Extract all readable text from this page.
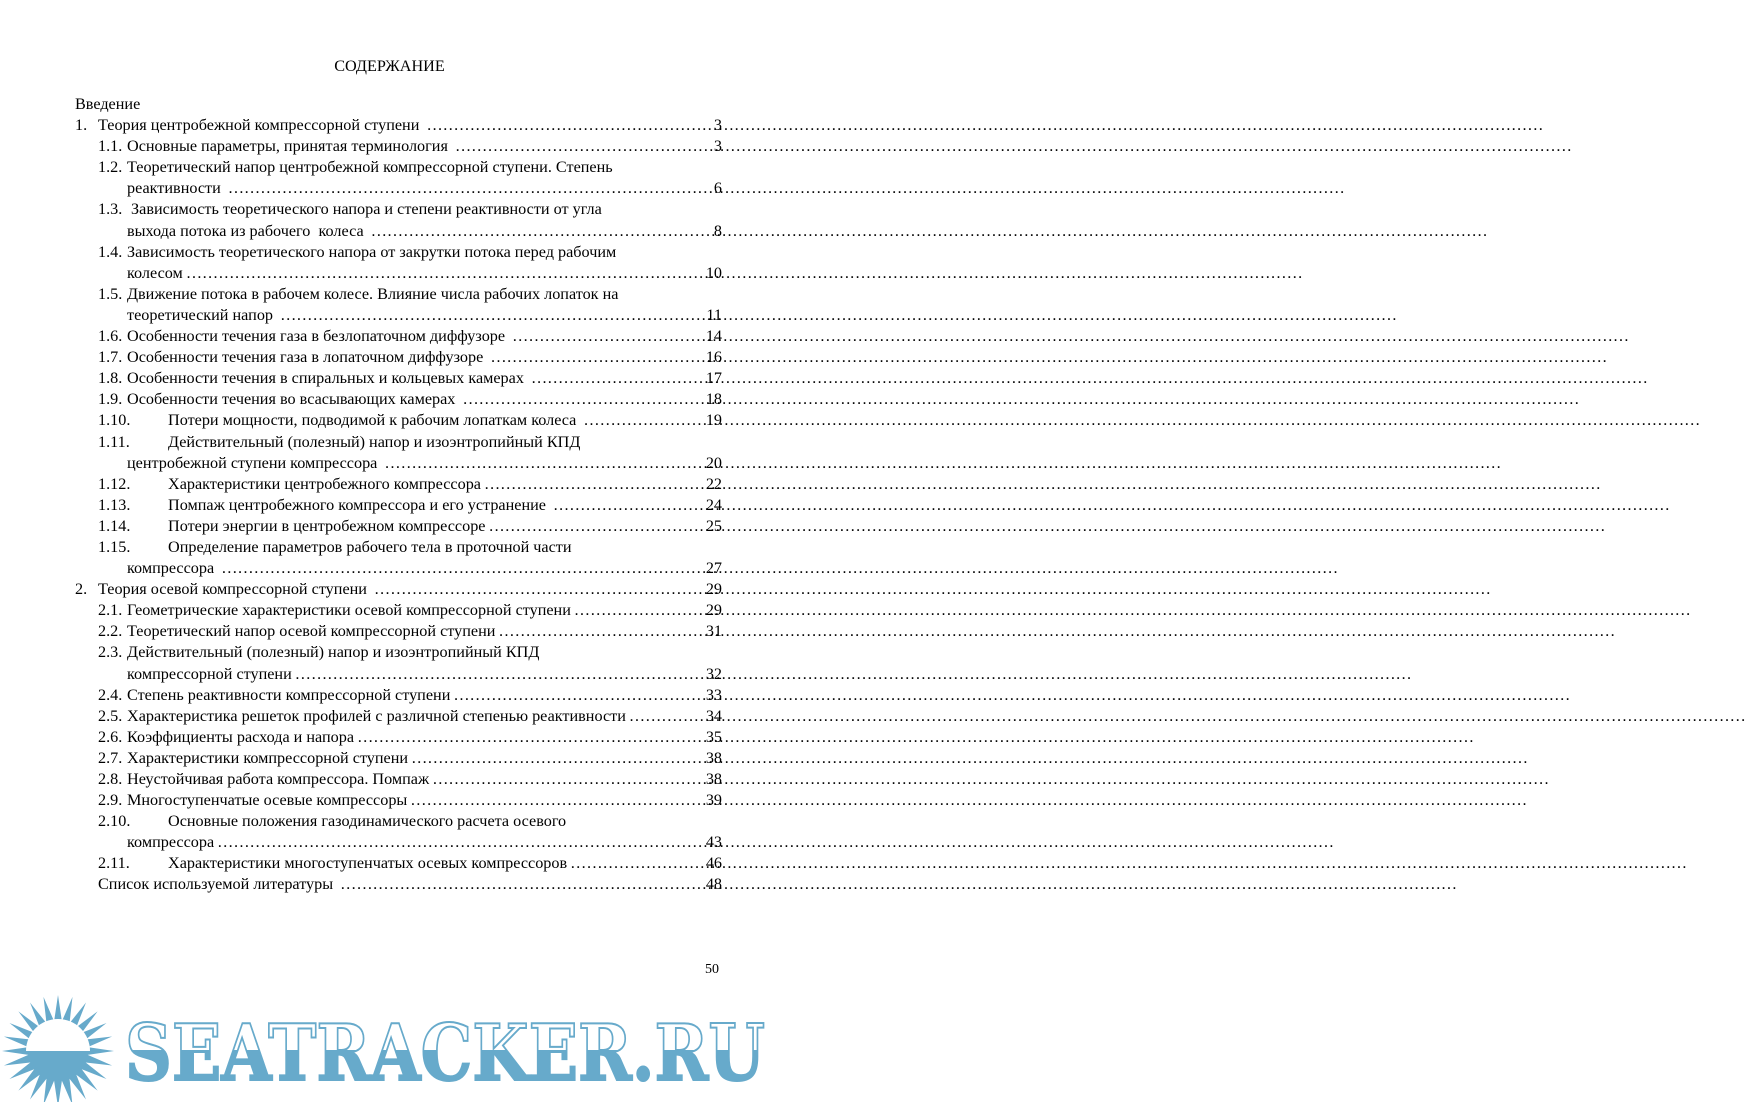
СОДЕРЖАНИЕ
Введение
1. Теория центробежной компрессорной ступени ………………………………………………………………………………………………………………………………………………………………………………………	3
1.1. Основные параметры, принятая терминология ………………………………………………………………………………………………………………………………………………………………………………………	3
1.2. Теоретический напор центробежной компрессорной ступени. Степень
реактивности ………………………………………………………………………………………………………………………………………………………………………………………	6
1.3. Зависимость теоретического напора и степени реактивности от угла
выхода потока из рабочего  колеса ………………………………………………………………………………………………………………………………………………………………………………………	8
1.4. Зависимость теоретического напора от закрутки потока перед рабочим
колесом ………………………………………………………………………………………………………………………………………………………………………………………	10
1.5. Движение потока в рабочем колесе. Влияние числа рабочих лопаток на
теоретический напор ………………………………………………………………………………………………………………………………………………………………………………………	11
1.6. Особенности течения газа в безлопаточном диффузоре ………………………………………………………………………………………………………………………………………………………………………………………	14
1.7. Особенности течения газа в лопаточном диффузоре ………………………………………………………………………………………………………………………………………………………………………………………	16
1.8. Особенности течения в спиральных и кольцевых камерах ………………………………………………………………………………………………………………………………………………………………………………………	17
1.9. Особенности течения во всасывающих камерах ………………………………………………………………………………………………………………………………………………………………………………………	18
1.10.	Потери мощности, подводимой к рабочим лопаткам колеса ………………………………………………………………………………………………………………………………………………………………………………………	19
1.11.	Действительный (полезный) напор и изоэнтропийный КПД
центробежной ступени компрессора ………………………………………………………………………………………………………………………………………………………………………………………	20
1.12.	Характеристики центробежного компрессора ………………………………………………………………………………………………………………………………………………………………………………………	22
1.13.	Помпаж центробежного компрессора и его устранение ………………………………………………………………………………………………………………………………………………………………………………………	24
1.14.	Потери энергии в центробежном компрессоре ………………………………………………………………………………………………………………………………………………………………………………………	25
1.15.	Определение параметров рабочего тела в проточной части
компрессора ………………………………………………………………………………………………………………………………………………………………………………………	27
2. Теория осевой компрессорной ступени ………………………………………………………………………………………………………………………………………………………………………………………	29
2.1. Геометрические характеристики осевой компрессорной ступени ………………………………………………………………………………………………………………………………………………………………………………………	29
2.2. Теоретический напор осевой компрессорной ступени ………………………………………………………………………………………………………………………………………………………………………………………	31
2.3. Действительный (полезный) напор и изоэнтропийный КПД
компрессорной ступени ………………………………………………………………………………………………………………………………………………………………………………………	32
2.4. Степень реактивности компрессорной ступени ………………………………………………………………………………………………………………………………………………………………………………………	33
2.5. Характеристика решеток профилей с различной степенью реактивности ………………………………………………………………………………………………………………………………………………………………………………………	34
2.6. Коэффициенты расхода и напора ………………………………………………………………………………………………………………………………………………………………………………………	35
2.7. Характеристики компрессорной ступени ………………………………………………………………………………………………………………………………………………………………………………………	38
2.8. Неустойчивая работа компрессора. Помпаж ………………………………………………………………………………………………………………………………………………………………………………………	38
2.9. Многоступенчатые осевые компрессоры ………………………………………………………………………………………………………………………………………………………………………………………	39
2.10.	Основные положения газодинамического расчета осевого
компрессора ………………………………………………………………………………………………………………………………………………………………………………………	43
2.11.	Характеристики многоступенчатых осевых компрессоров ………………………………………………………………………………………………………………………………………………………………………………………	46
Список используемой литературы ………………………………………………………………………………………………………………………………………………………………………………………	48
SEATRACKER.RU
50
